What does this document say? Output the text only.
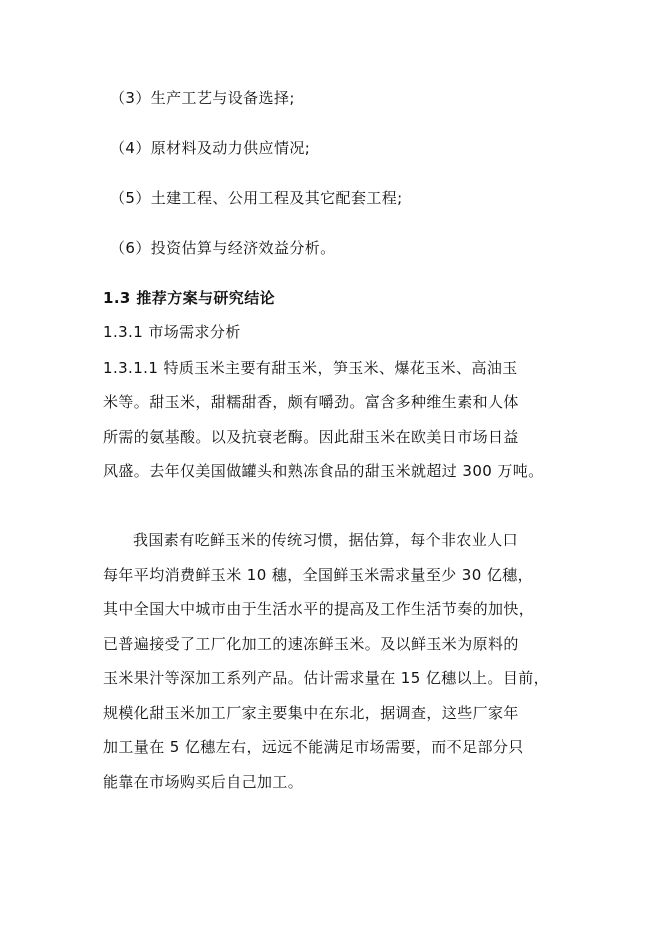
（3）生产工艺与设备选择;
（4）原材料及动力供应情况;
（5）土建工程、公用工程及其它配套工程;
（6）投资估算与经济效益分析。
1.3 推荐方案与研究结论
1.3.1 市场需求分析
1.3.1.1 特质玉米主要有甜玉米，笋玉米、爆花玉米、高油玉
米等。甜玉米，甜糯甜香，颇有嚼劲。富含多种维生素和人体
所需的氨基酸。以及抗衰老酶。因此甜玉米在欧美日市场日益
风盛。去年仅美国做罐头和熟冻食品的甜玉米就超过 300 万吨。
我国素有吃鲜玉米的传统习惯，据估算，每个非农业人口
每年平均消费鲜玉米 10 穗，全国鲜玉米需求量至少 30 亿穗，
其中全国大中城市由于生活水平的提高及工作生活节奏的加快，
已普遍接受了工厂化加工的速冻鲜玉米。及以鲜玉米为原料的
玉米果汁等深加工系列产品。估计需求量在 15 亿穗以上。目前，
规模化甜玉米加工厂家主要集中在东北，据调查，这些厂家年
加工量在 5 亿穗左右，远远不能满足市场需要，而不足部分只
能靠在市场购买后自己加工。
